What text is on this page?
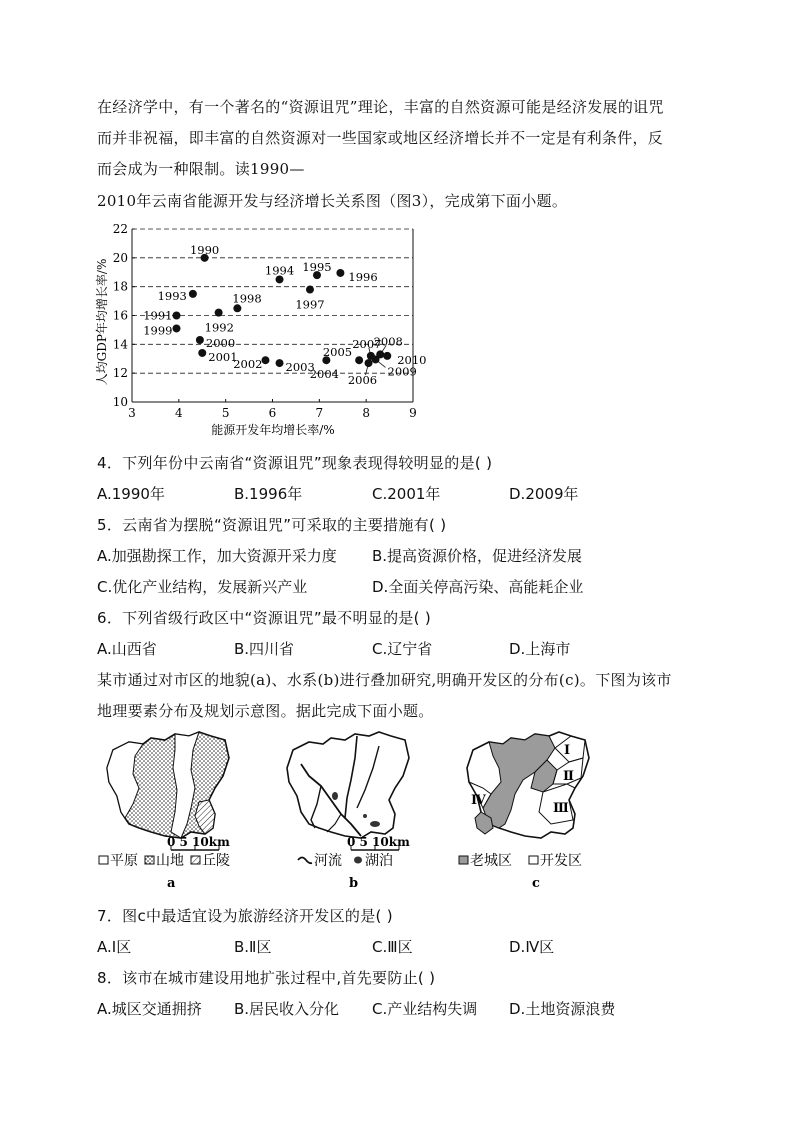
在经济学中，有一个著名的“资源诅咒”理论，丰富的自然资源可能是经济发展的诅咒
而并非祝福，即丰富的自然资源对一些国家或地区经济增长并不一定是有利条件，反
而会成为一种限制。读1990—
2010年云南省能源开发与经济增长关系图（图3），完成第下面小题。
10
12
14
16
18
20
22
3	4	5	6	7	8	9
1990
1991
1992
1993
1994 1995
1996
1997
1998
1999
2000
2001
2002 2003
2004
2005
2006
2007
2008
2009
2010
人均GDP年均增长率/%
能源开发年均增长率/%
4．下列年份中云南省“资源诅咒”现象表现得较明显的是( )
A.1990年	B.1996年	C.2001年	D.2009年
5．云南省为摆脱“资源诅咒”可采取的主要措施有( )
A.加强勘探工作，加大资源开采力度 B.提高资源价格，促进经济发展
C.优化产业结构，发展新兴产业	D.全面关停高污染、高能耗企业
6．下列省级行政区中“资源诅咒”最不明显的是( )
A.山西省	B.四川省	C.辽宁省	D.上海市
某市通过对市区的地貌(a)、水系(b)进行叠加研究,明确开发区的分布(c)。下图为该市
地理要素分布及规划示意图。据此完成下面小题。
0 5 10km
平原 山地 丘陵
a
0 5 10km
河流 湖泊
b
Ⅰ
Ⅱ
Ⅲ
Ⅳ
老城区 开发区
c
7．图c中最适宜设为旅游经济开发区的是( )
A.Ⅰ区	B.Ⅱ区	C.Ⅲ区	D.Ⅳ区
8．该市在城市建设用地扩张过程中,首先要防止( )
A.城区交通拥挤 B.居民收入分化 C.产业结构失调 D.土地资源浪费
